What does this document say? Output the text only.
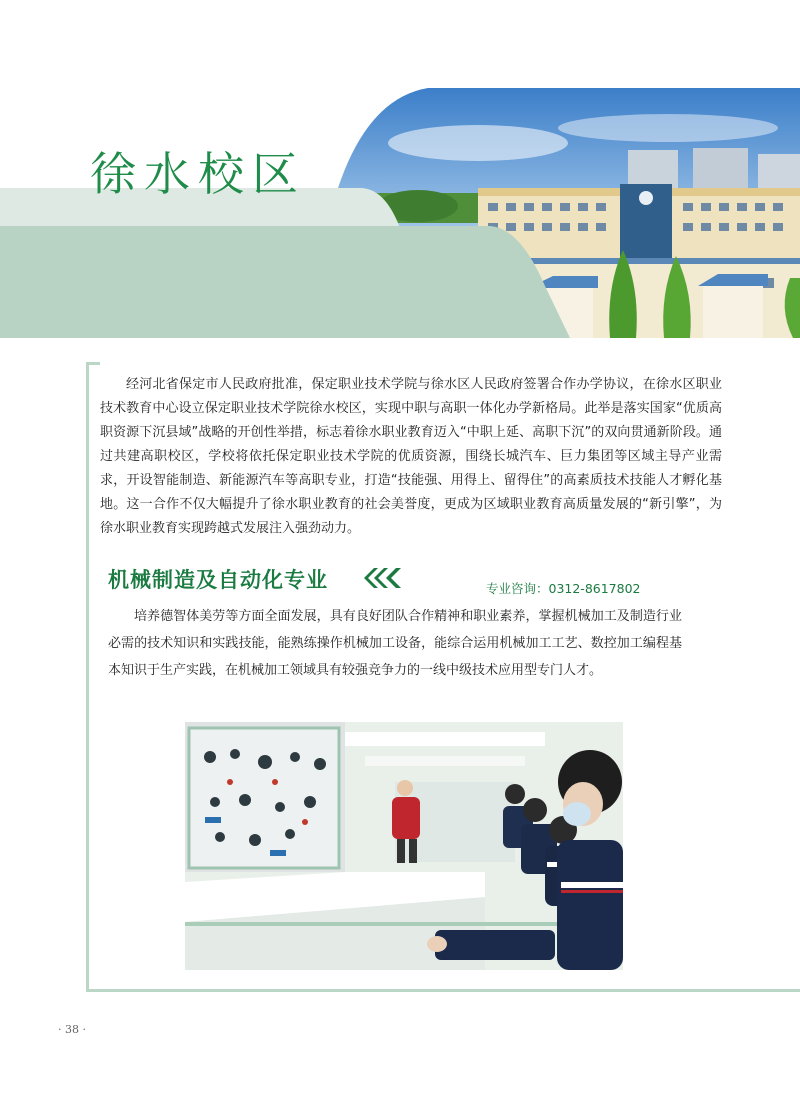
徐水校区

经河北省保定市人民政府批准，保定职业技术学院与徐水区人民政府签署合作办学协议，在徐水区职业技术教育中心设立保定职业技术学院徐水校区，实现中职与高职一体化办学新格局。此举是落实国家“优质高职资源下沉县域”战略的开创性举措，标志着徐水职业教育迈入“中职上延、高职下沉”的双向贯通新阶段。通过共建高职校区，学校将依托保定职业技术学院的优质资源，围绕长城汽车、巨力集团等区域主导产业需求，开设智能制造、新能源汽车等高职专业，打造“技能强、用得上、留得住”的高素质技术技能人才孵化基地。这一合作不仅大幅提升了徐水职业教育的社会美誉度，更成为区域职业教育高质量发展的“新引擎”，为徐水职业教育实现跨越式发展注入强劲动力。

机械制造及自动化专业	专业咨询：0312-8617802

培养德智体美劳等方面全面发展，具有良好团队合作精神和职业素养，掌握机械加工及制造行业必需的技术知识和实践技能，能熟练操作机械加工设备，能综合运用机械加工工艺、数控加工编程基本知识于生产实践，在机械加工领域具有较强竞争力的一线中级技术应用型专门人才。

· 38 ·
